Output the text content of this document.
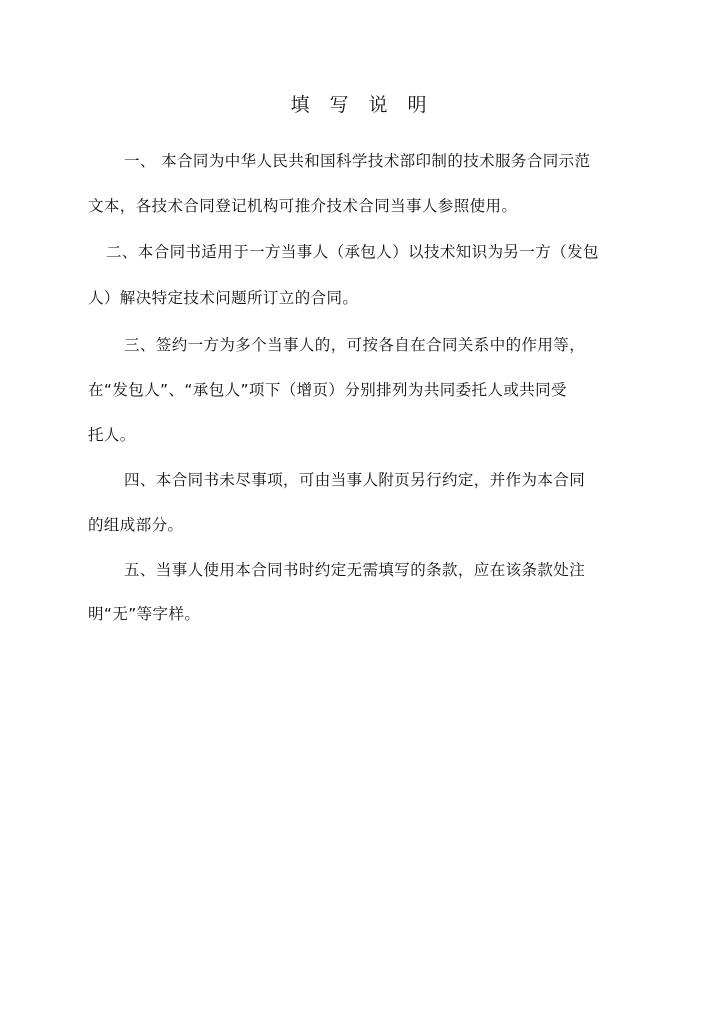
填 写 说 明
一、 本合同为中华人民共和国科学技术部印制的技术服务合同示范
文本，各技术合同登记机构可推介技术合同当事人参照使用。
二、本合同书适用于一方当事人（承包人）以技术知识为另一方（发包
人）解决特定技术问题所订立的合同。
三、签约一方为多个当事人的，可按各自在合同关系中的作用等，
在“发包人”、“承包人”项下（增页）分别排列为共同委托人或共同受
托人。
四、本合同书未尽事项，可由当事人附页另行约定，并作为本合同
的组成部分。
五、当事人使用本合同书时约定无需填写的条款，应在该条款处注
明“无”等字样。
